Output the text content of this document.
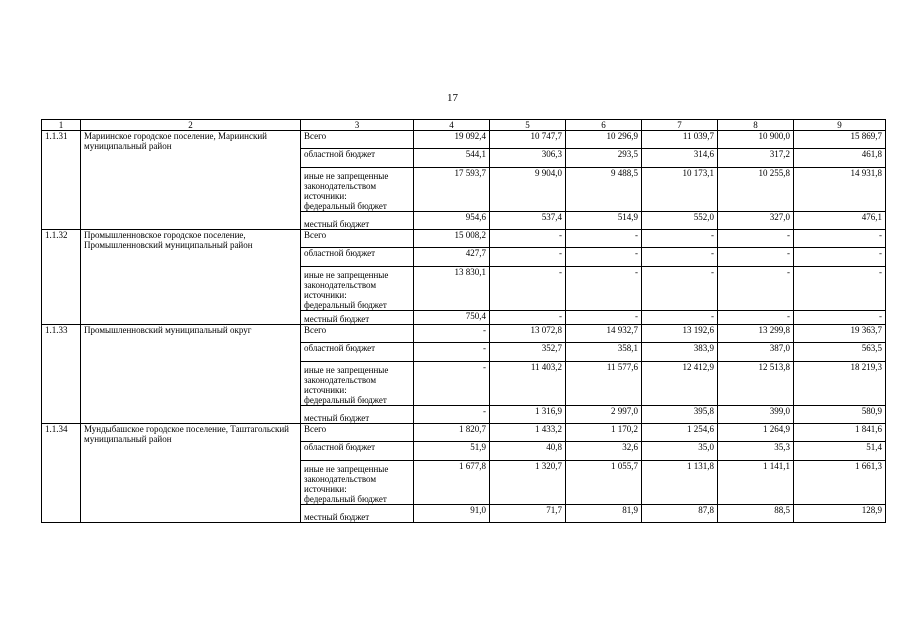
17
1	2	3	4	5	6	7	8	9
1.1.31	Мариинское городское поселение, Мариинский муниципальный район	Всего	19 092,4	10 747,7	10 296,9	11 039,7	10 900,0	15 869,7
		областной бюджет	544,1	306,3	293,5	314,6	317,2	461,8

		иные не запрещенные
законодательством
источники:
федеральный бюджет	17 593,7	9 904,0	9 488,5	10 173,1	10 255,8	14 931,8
		местный бюджет	954,6	537,4	514,9	552,0	327,0	476,1
1.1.32	Промышленновское городское поселение, Промышленновский муниципальный район	Всего	15 008,2	-	-	-	-	-
		областной бюджет	427,7	-	-	-	-	-

		иные не запрещенные
законодательством
источники:
федеральный бюджет	13 830,1	-	-	-	-	-
		местный бюджет	750,4	-	-	-	-	-
1.1.33	Промышленновский муниципальный округ	Всего	-	13 072,8	14 932,7	13 192,6	13 299,8	19 363,7
		областной бюджет	-	352,7	358,1	383,9	387,0	563,5

		иные не запрещенные
законодательством
источники:
федеральный бюджет	-	11 403,2	11 577,6	12 412,9	12 513,8	18 219,3
		местный бюджет	-	1 316,9	2 997,0	395,8	399,0	580,9
1.1.34	Мундыбашское городское поселение, Таштагольский муниципальный район	Всего	1 820,7	1 433,2	1 170,2	1 254,6	1 264,9	1 841,6
		областной бюджет	51,9	40,8	32,6	35,0	35,3	51,4

		иные не запрещенные
законодательством
источники:
федеральный бюджет	1 677,8	1 320,7	1 055,7	1 131,8	1 141,1	1 661,3
		местный бюджет	91,0	71,7	81,9	87,8	88,5	128,9
